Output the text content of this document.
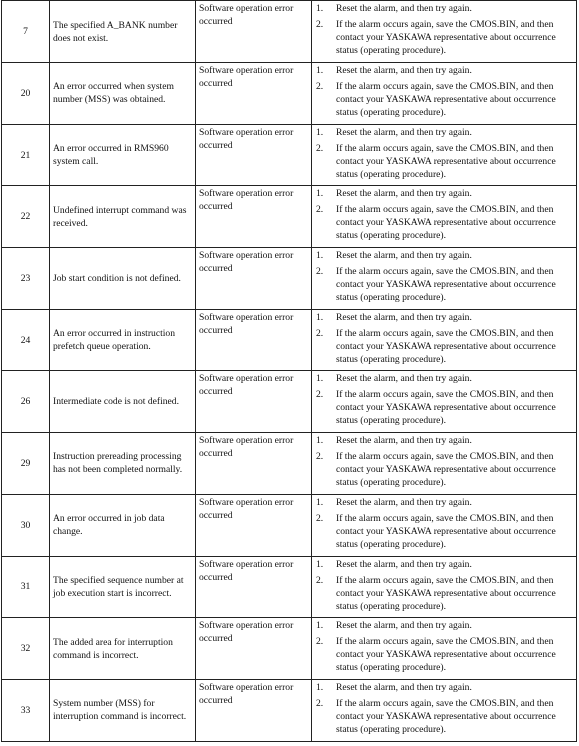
7	The specified A_BANK number does not exist.	Software operation error occurred	1. Reset the alarm, and then try again.
2. If the alarm occurs again, save the CMOS.BIN, and then contact your YASKAWA representative about occurrence status (operating procedure).

20	An error occurred when system number (MSS) was obtained.	Software operation error occurred	1. Reset the alarm, and then try again.
2. If the alarm occurs again, save the CMOS.BIN, and then contact your YASKAWA representative about occurrence status (operating procedure).

21	An error occurred in RMS960 system call.	Software operation error occurred	1. Reset the alarm, and then try again.
2. If the alarm occurs again, save the CMOS.BIN, and then contact your YASKAWA representative about occurrence status (operating procedure).

22	Undefined interrupt command was received.	Software operation error occurred	1. Reset the alarm, and then try again.
2. If the alarm occurs again, save the CMOS.BIN, and then contact your YASKAWA representative about occurrence status (operating procedure).

23	Job start condition is not defined.	Software operation error occurred	1. Reset the alarm, and then try again.
2. If the alarm occurs again, save the CMOS.BIN, and then contact your YASKAWA representative about occurrence status (operating procedure).

24	An error occurred in instruction prefetch queue operation.	Software operation error occurred	1. Reset the alarm, and then try again.
2. If the alarm occurs again, save the CMOS.BIN, and then contact your YASKAWA representative about occurrence status (operating procedure).

26	Intermediate code is not defined.	Software operation error occurred	1. Reset the alarm, and then try again.
2. If the alarm occurs again, save the CMOS.BIN, and then contact your YASKAWA representative about occurrence status (operating procedure).

29	Instruction prereading processing has not been completed normally.	Software operation error occurred	1. Reset the alarm, and then try again.
2. If the alarm occurs again, save the CMOS.BIN, and then contact your YASKAWA representative about occurrence status (operating procedure).

30	An error occurred in job data change.	Software operation error occurred	1. Reset the alarm, and then try again.
2. If the alarm occurs again, save the CMOS.BIN, and then contact your YASKAWA representative about occurrence status (operating procedure).

31	The specified sequence number at job execution start is incorrect.	Software operation error occurred	1. Reset the alarm, and then try again.
2. If the alarm occurs again, save the CMOS.BIN, and then contact your YASKAWA representative about occurrence status (operating procedure).

32	The added area for interruption command is incorrect.	Software operation error occurred	1. Reset the alarm, and then try again.
2. If the alarm occurs again, save the CMOS.BIN, and then contact your YASKAWA representative about occurrence status (operating procedure).

33	System number (MSS) for interruption command is incorrect.	Software operation error occurred	1. Reset the alarm, and then try again.
2. If the alarm occurs again, save the CMOS.BIN, and then contact your YASKAWA representative about occurrence status (operating procedure).
